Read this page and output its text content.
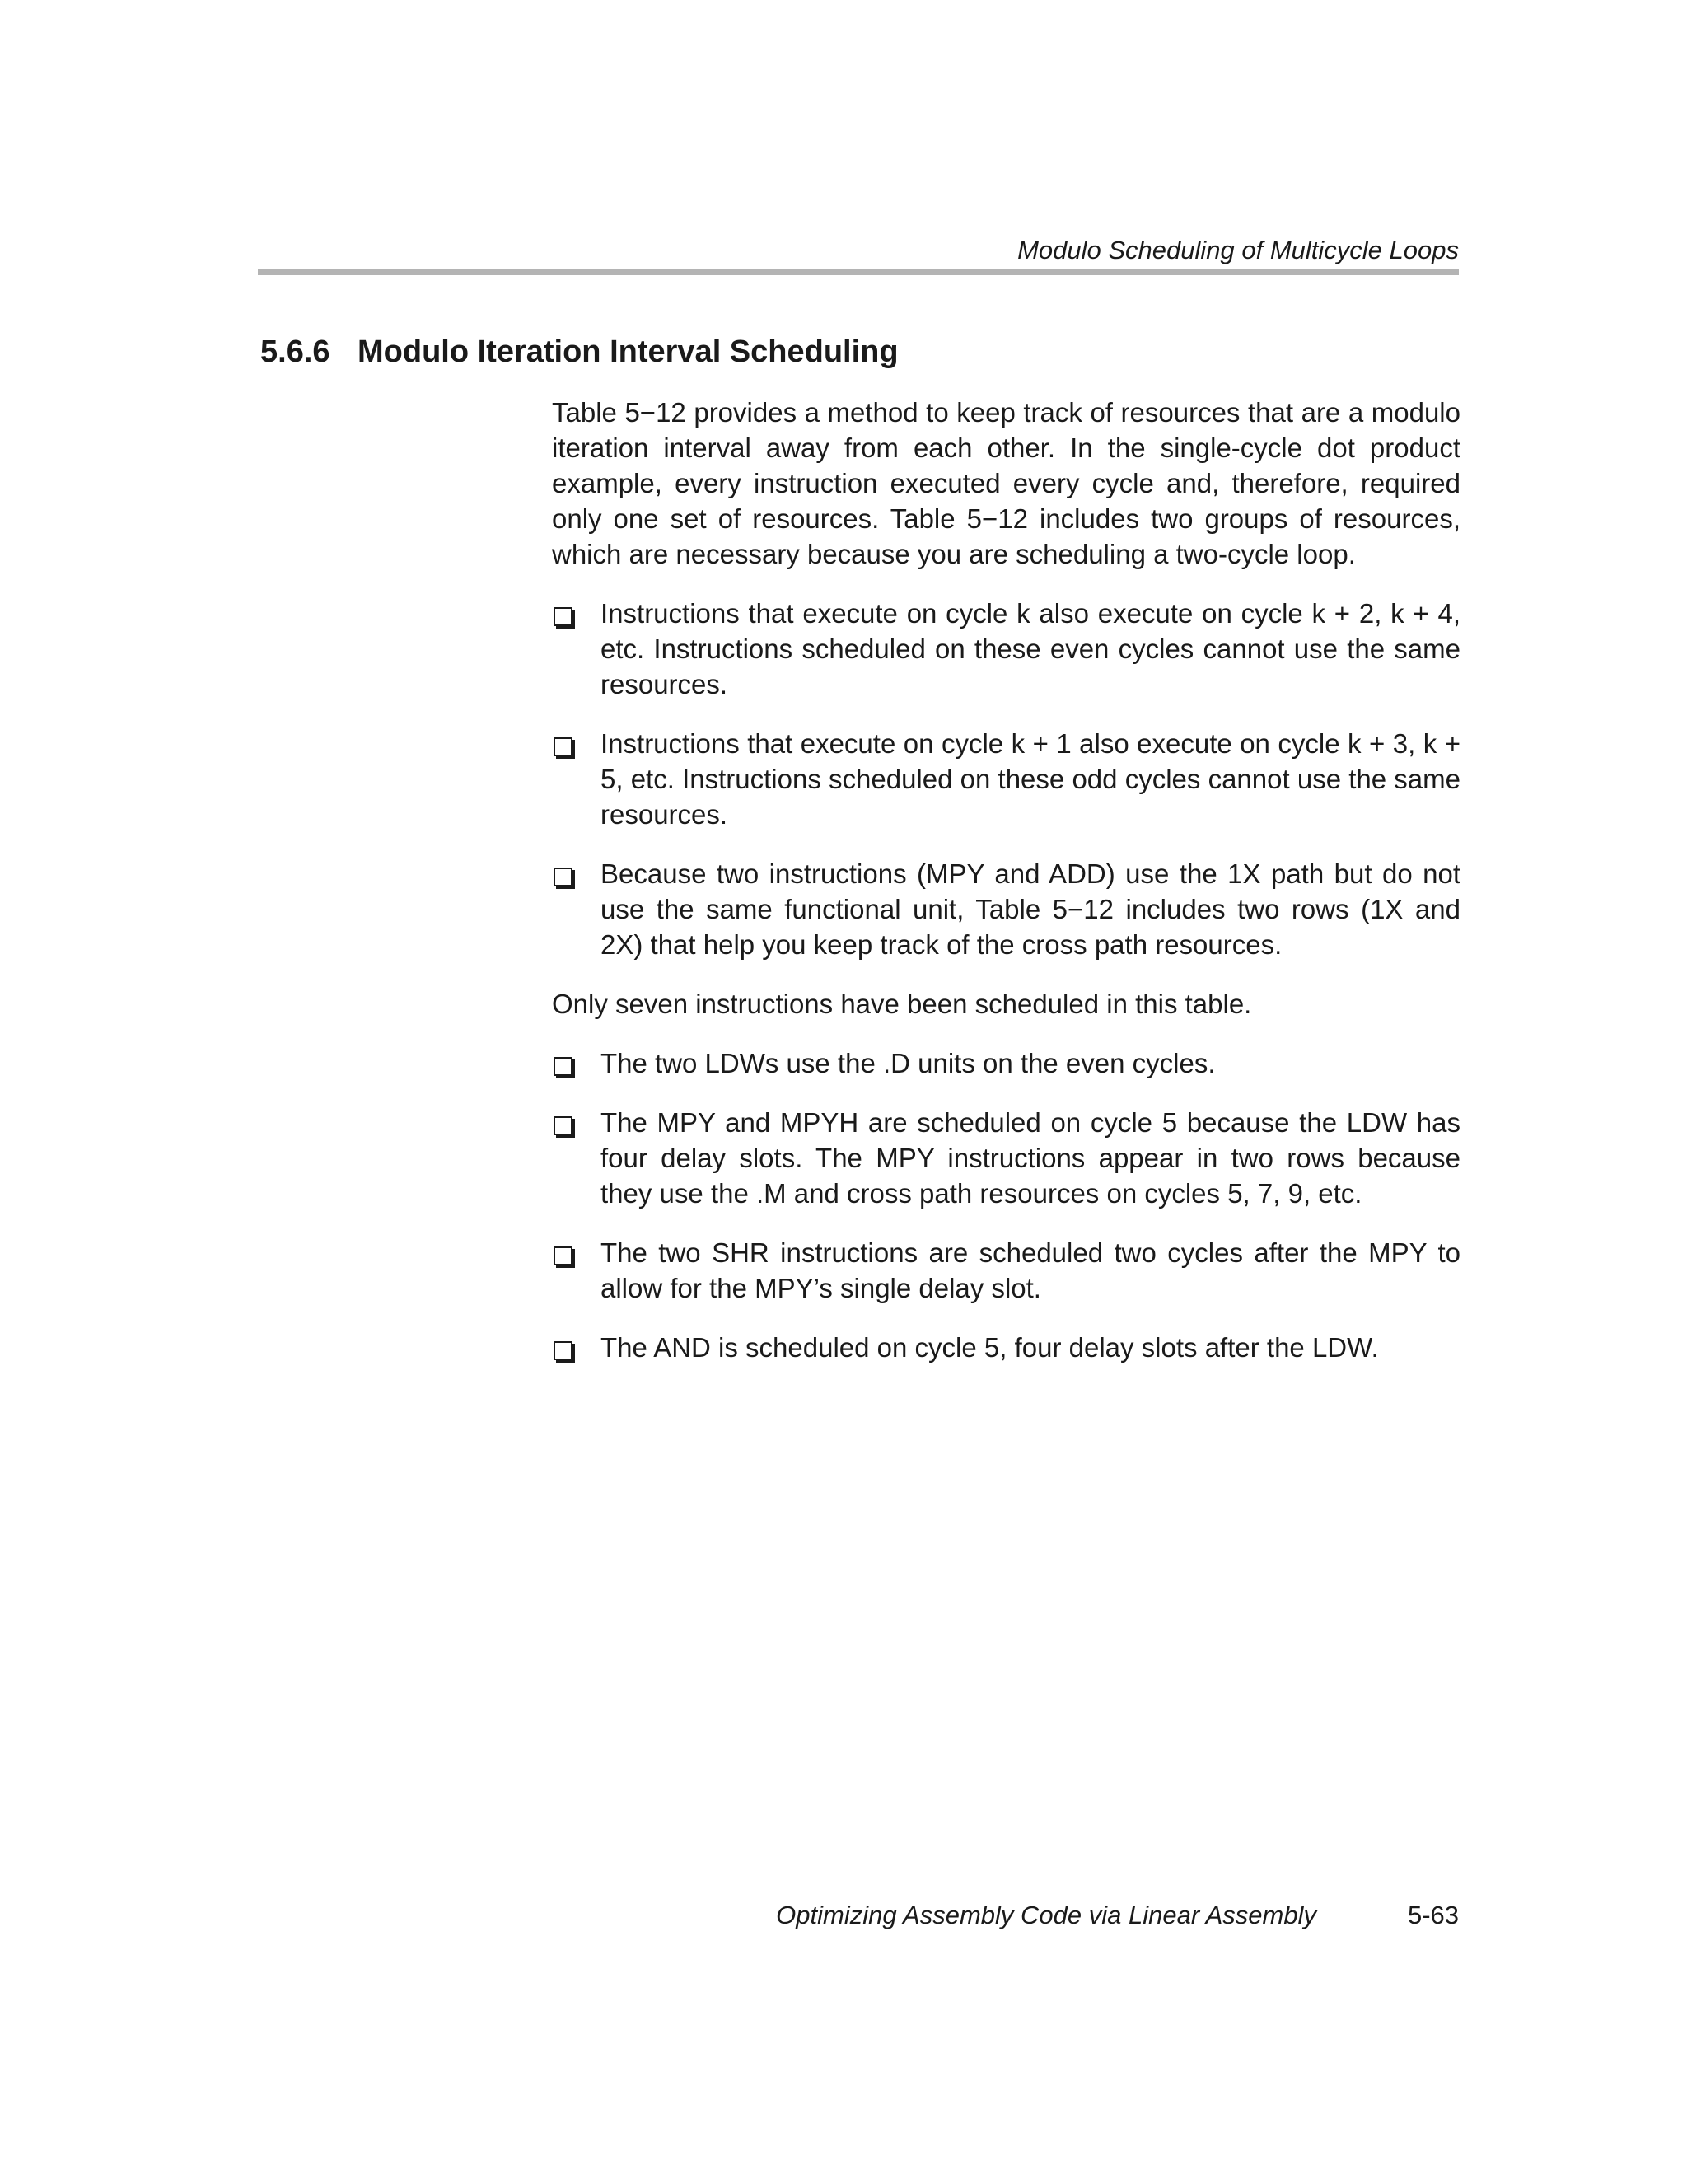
Modulo Scheduling of Multicycle Loops
5.6.6 Modulo Iteration Interval Scheduling

Table 5−12 provides a method to keep track of resources that are a modulo iteration interval away from each other. In the single-cycle dot product example, every instruction executed every cycle and, therefore, required only one set of resources. Table 5−12 includes two groups of resources, which are necessary because you are scheduling a two-cycle loop.

Instructions that execute on cycle k also execute on cycle k + 2, k + 4, etc. Instructions scheduled on these even cycles cannot use the same resources.
Instructions that execute on cycle k + 1 also execute on cycle k + 3, k + 5, etc. Instructions scheduled on these odd cycles cannot use the same resources.
Because two instructions (MPY and ADD) use the 1X path but do not use the same functional unit, Table 5−12 includes two rows (1X and 2X) that help you keep track of the cross path resources.

Only seven instructions have been scheduled in this table.

The two LDWs use the .D units on the even cycles.
The MPY and MPYH are scheduled on cycle 5 because the LDW has four delay slots. The MPY instructions appear in two rows because they use the .M and cross path resources on cycles 5, 7, 9, etc.
The two SHR instructions are scheduled two cycles after the MPY to allow for the MPY’s single delay slot.
The AND is scheduled on cycle 5, four delay slots after the LDW.
Optimizing Assembly Code via Linear Assembly	5-63
